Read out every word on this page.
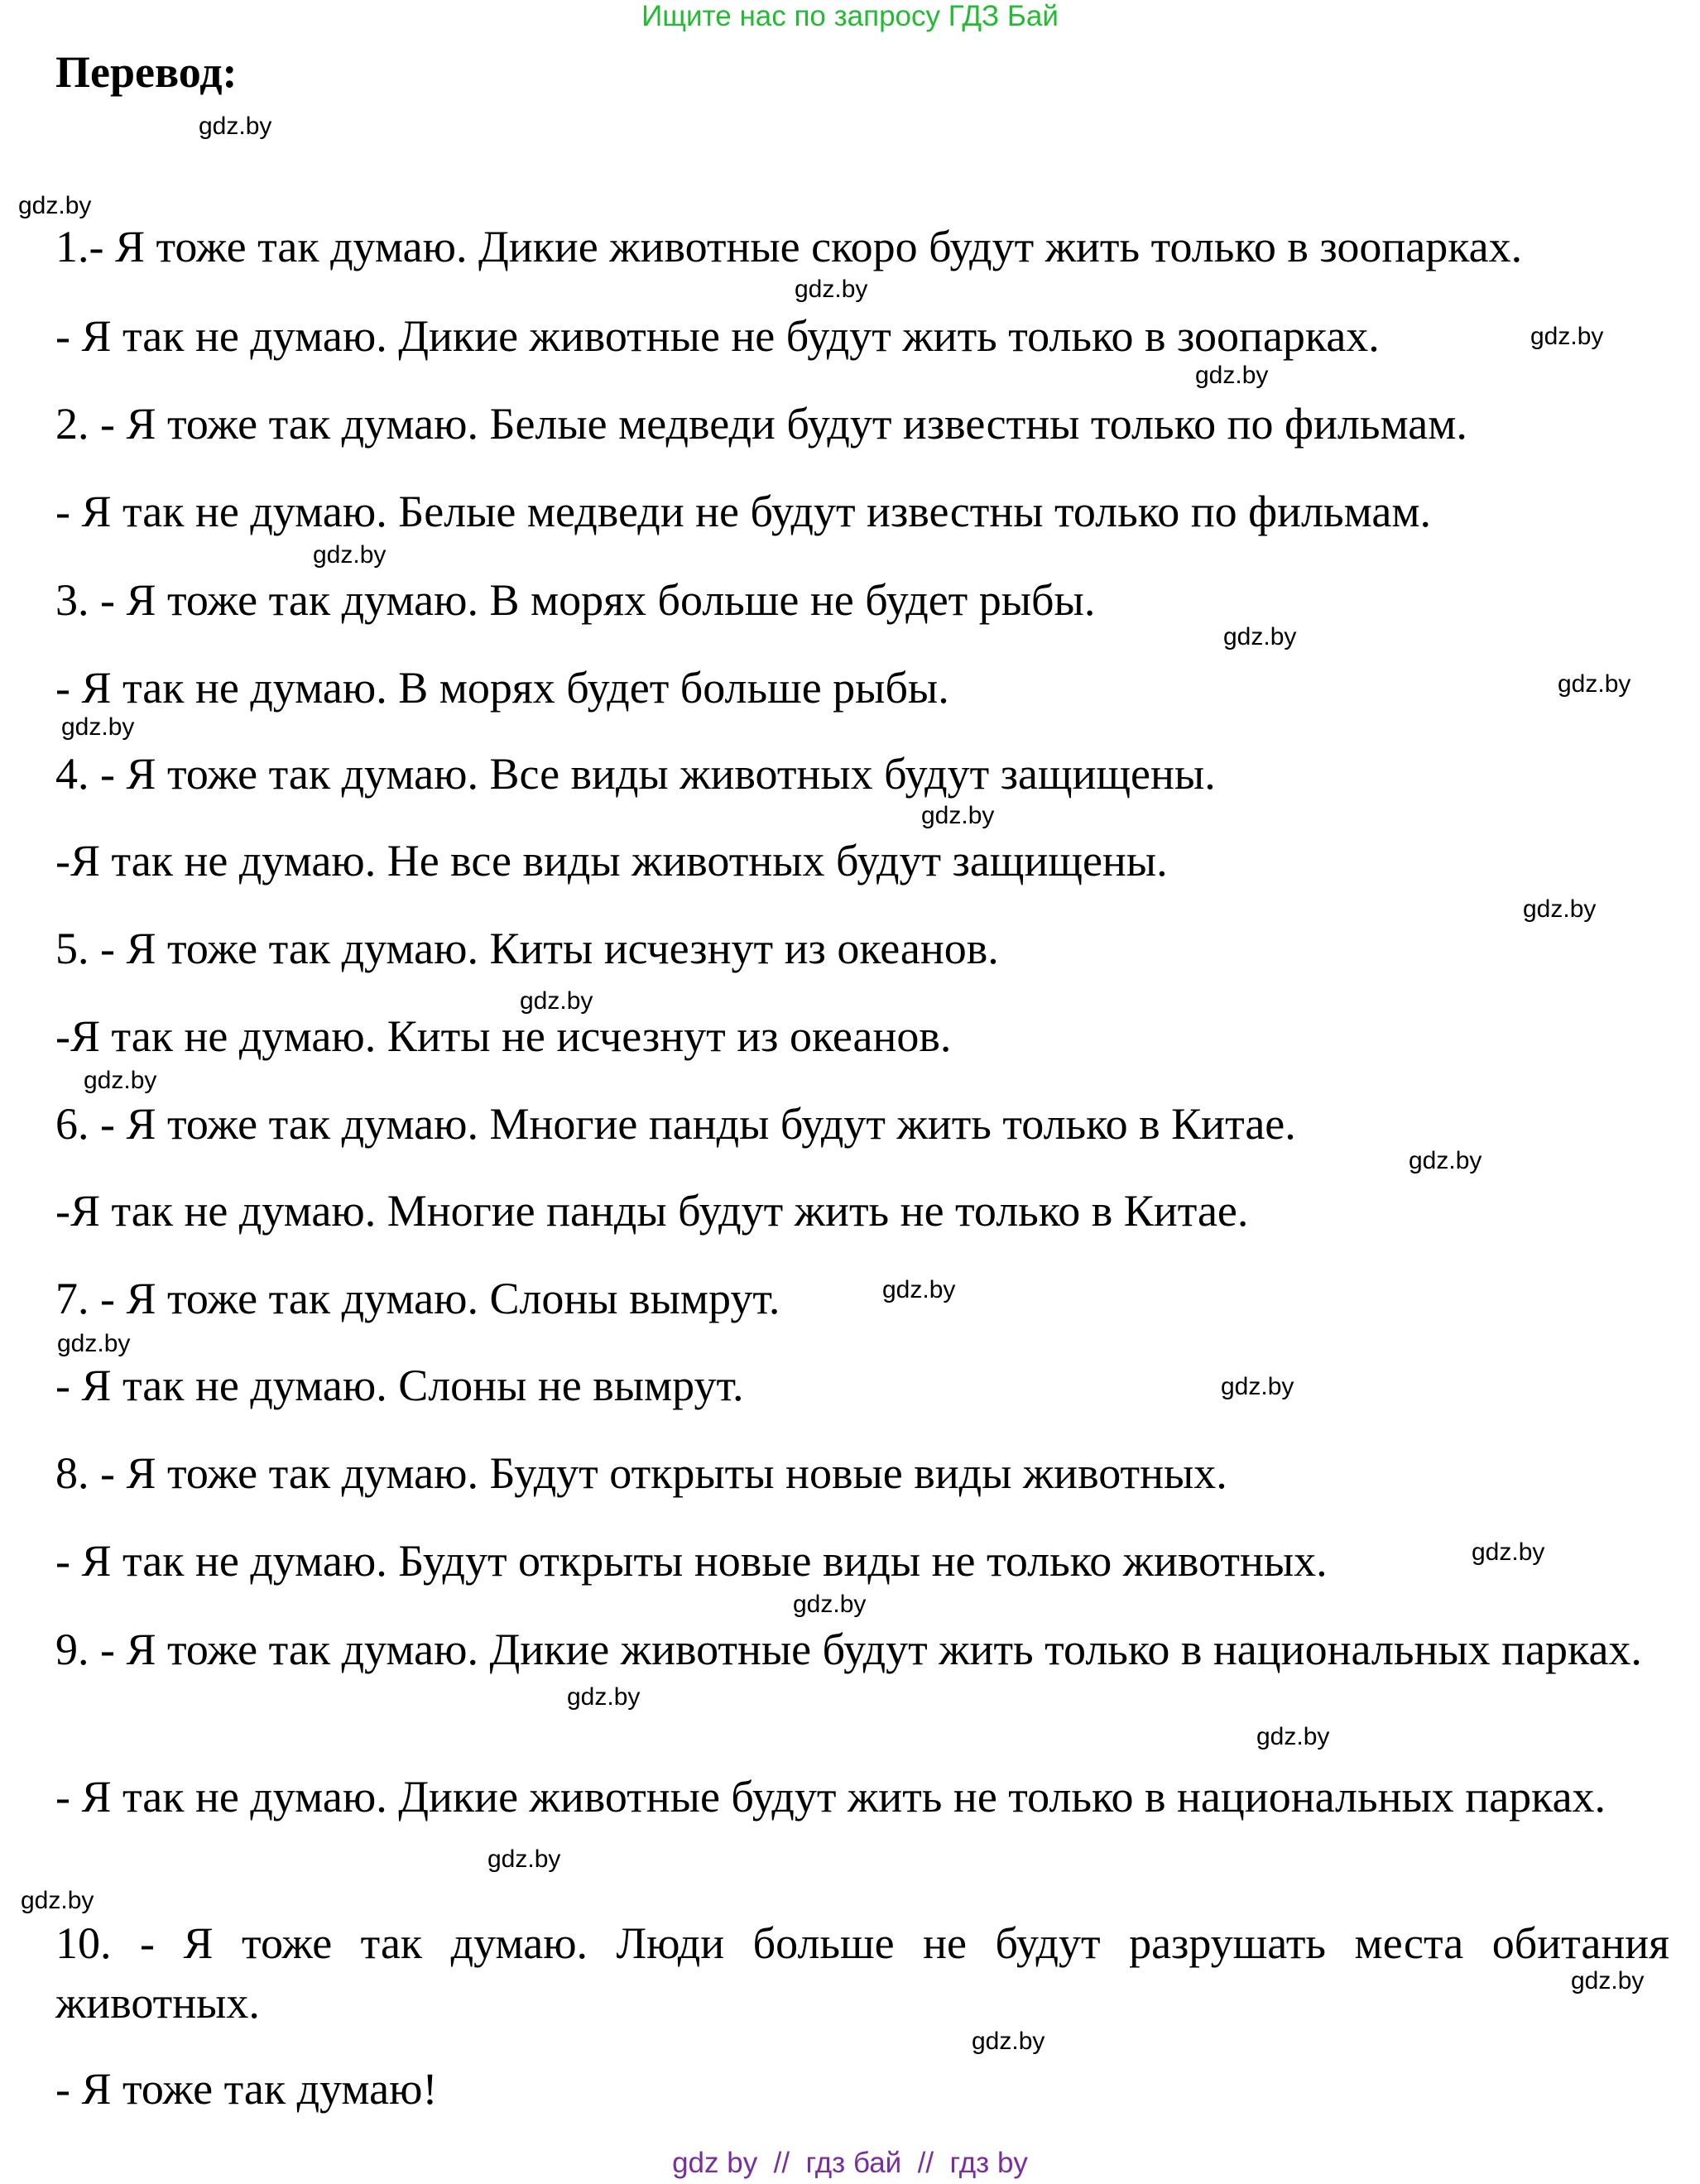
Ищите нас по запросу ГДЗ Бай
Перевод:
1.- Я тоже так думаю. Дикие животные скоро будут жить только в зоопарках.
- Я так не думаю. Дикие животные не будут жить только в зоопарках.
2. - Я тоже так думаю. Белые медведи будут известны только по фильмам.
- Я так не думаю. Белые медведи не будут известны только по фильмам.
3. - Я тоже так думаю. В морях больше не будет рыбы.
- Я так не думаю. В морях будет больше рыбы.
4. - Я тоже так думаю. Все виды животных будут защищены.
-Я так не думаю. Не все виды животных будут защищены.
5. - Я тоже так думаю. Киты исчезнут из океанов.
-Я так не думаю. Киты не исчезнут из океанов.
6. - Я тоже так думаю. Многие панды будут жить только в Китае.
-Я так не думаю. Многие панды будут жить не только в Китае.
7. - Я тоже так думаю. Слоны вымрут.
- Я так не думаю. Слоны не вымрут.
8. - Я тоже так думаю. Будут открыты новые виды животных.
- Я так не думаю. Будут открыты новые виды не только животных.
9. - Я тоже так думаю. Дикие животные будут жить только в национальных парках.
- Я так не думаю. Дикие животные будут жить не только в национальных парках.
10. - Я тоже так думаю. Люди больше не будут разрушать места обитания животных.
- Я тоже так думаю!
gdz.by
gdz.by
gdz.by
gdz.by
gdz.by
gdz.by
gdz.by
gdz.by
gdz.by
gdz.by
gdz.by
gdz.by
gdz.by
gdz.by
gdz.by
gdz.by
gdz.by
gdz.by
gdz.by
gdz.by
gdz.by
gdz.by
gdz.by
gdz.by
gdz.by
gdz by  //  гдз бай  //  гдз by
